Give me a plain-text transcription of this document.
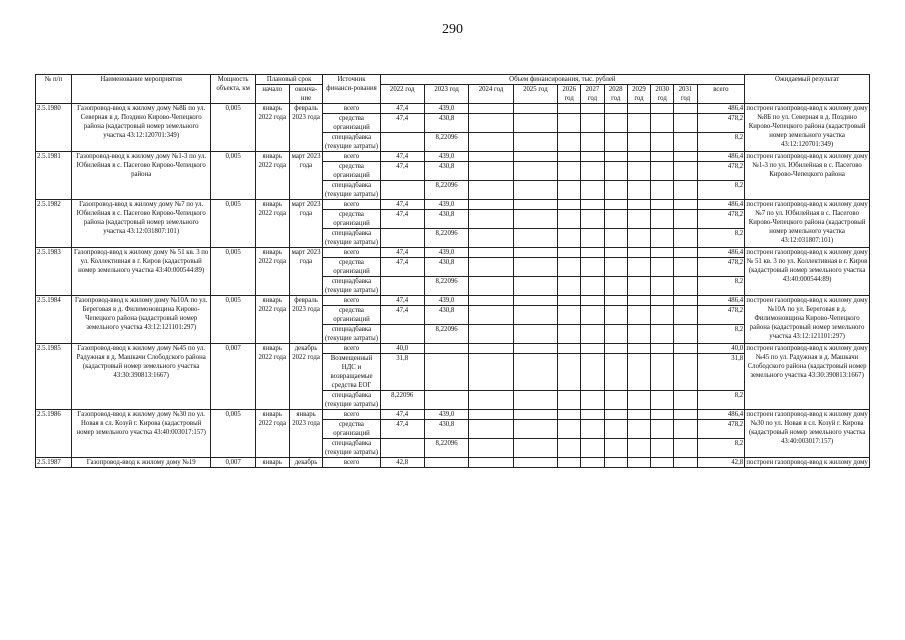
290
№ п/п	Наименование мероприятия	Мощность объекта, км	Плановый срок		Источник финанси-рования	Объем финансирования, тыс. рублей											Ожидаемый результат
			начало	оконча-ние		2022 год	2023 год	2024 год	2025 год	2026 год	2027 год	2028 год	2029 год	2030 год	2031 год	всего	
2.5.1980	Газопровод-ввод к жилому дому №8Б по ул. Северная в д. Поздино Кирово-Чепецкого района (кадастровый номер земельного участка 43:12:120701:349)	0,005	январь 2022 года	февраль 2023 года	всего	47,4	439,0									486,4	построен газопровод-ввод к жилому дому №8Б по ул. Северная в д. Поздино Кирово-Чепецкого района (кадастровый номер земельного участка 43:12:120701:349)
					средства организаций	47,4	430,8									478,2	
					спецнадбавка (текущие затраты)		8,22096									8,2	
2.5.1981	Газопровод-ввод к жилому дому №1-3 по ул. Юбилейная в с. Пасегово Кирово-Чепецкого района	0,005	январь 2022 года	март 2023 года	всего	47,4	439,0									486,4	построен газопровод-ввод к жилому дому №1-3 по ул. Юбилейная в с. Пасегово Кирово-Чепецкого района
					средства организаций	47,4	430,8									478,2	
					спецнадбавка (текущие затраты)		8,22096									8,2	
2.5.1982	Газопровод-ввод к жилому дому №7 по ул. Юбилейная в с. Пасегово Кирово-Чепецкого района (кадастровый номер земельного участка 43:12:031807:101)	0,005	январь 2022 года	март 2023 года	всего	47,4	439,0									486,4	построен газопровод-ввод к жилому дому №7 по ул. Юбилейная в с. Пасегово Кирово-Чепецкого района (кадастровый номер земельного участка 43:12:031807:101)
					средства организаций	47,4	430,8									478,2	
					спецнадбавка (текущие затраты)		8,22096									8,2	
2.5.1983	Газопровод-ввод к жилому дому № 51 кв. 3 по ул. Коллективная в г. Киров (кадастровый номер земельного участка 43:40:000544:89)	0,005	январь 2022 года	март 2023 года	всего	47,4	439,0									486,4	построен газопровод-ввод к жилому дому № 51 кв. 3 по ул. Коллективная в г. Киров (кадастровый номер земельного участка 43:40:000544:89)
					средства организаций	47,4	430,8									478,2	
					спецнадбавка (текущие затраты)		8,22096									8,2	
2.5.1984	Газопровод-ввод к жилому дому №10А по ул. Береговая в д. Филимоновщина Кирово-Чепецкого района (кадастровый номер земельного участка 43:12:121101:297)	0,005	январь 2022 года	февраль 2023 года	всего	47,4	439,0									486,4	построен газопровод-ввод к жилому дому №10А по ул. Береговая в д. Филимоновщина Кирово-Чепецкого района (кадастровый номер земельного участка 43:12:121101:297)
					средства организаций	47,4	430,8									478,2	
					спецнадбавка (текущие затраты)		8,22096									8,2	
2.5.1985	Газопровод-ввод к жилому дому №45 по ул. Радужная в д. Машкачи Слободского района (кадастровый номер земельного участка 43:30:390813:1667)	0,007	январь 2022 года	декабрь 2022 года	всего	40,0										40,0	построен газопровод-ввод к жилому дому №45 по ул. Радужная в д. Машкачи Слободского района (кадастровый номер земельного участка 43:30:390813:1667)
					Возмещенный НДС и возвращаемые средства ЕОГ	31,8										31,8	
					спецнадбавка (текущие затраты)	8,22096										8,2	
2.5.1986	Газопровод-ввод к жилому дому №30 по ул. Новая в сл. Козуй г. Кирова (кадастровый номер земельного участка 43:40:003017:157)	0,005	январь 2022 года	январь 2023 года	всего	47,4	439,0									486,4	построен газопровод-ввод к жилому дому №30 по ул. Новая в сл. Козуй г. Кирова (кадастровый номер земельного участка 43:40:003017:157)
					средства организаций	47,4	430,8									478,2	
					спецнадбавка (текущие затраты)		8,22096									8,2	
2.5.1987	Газопровод-ввод к жилому дому №19	0,007	январь	декабрь	всего	42,8										42,8	построен газопровод-ввод к жилому дому
